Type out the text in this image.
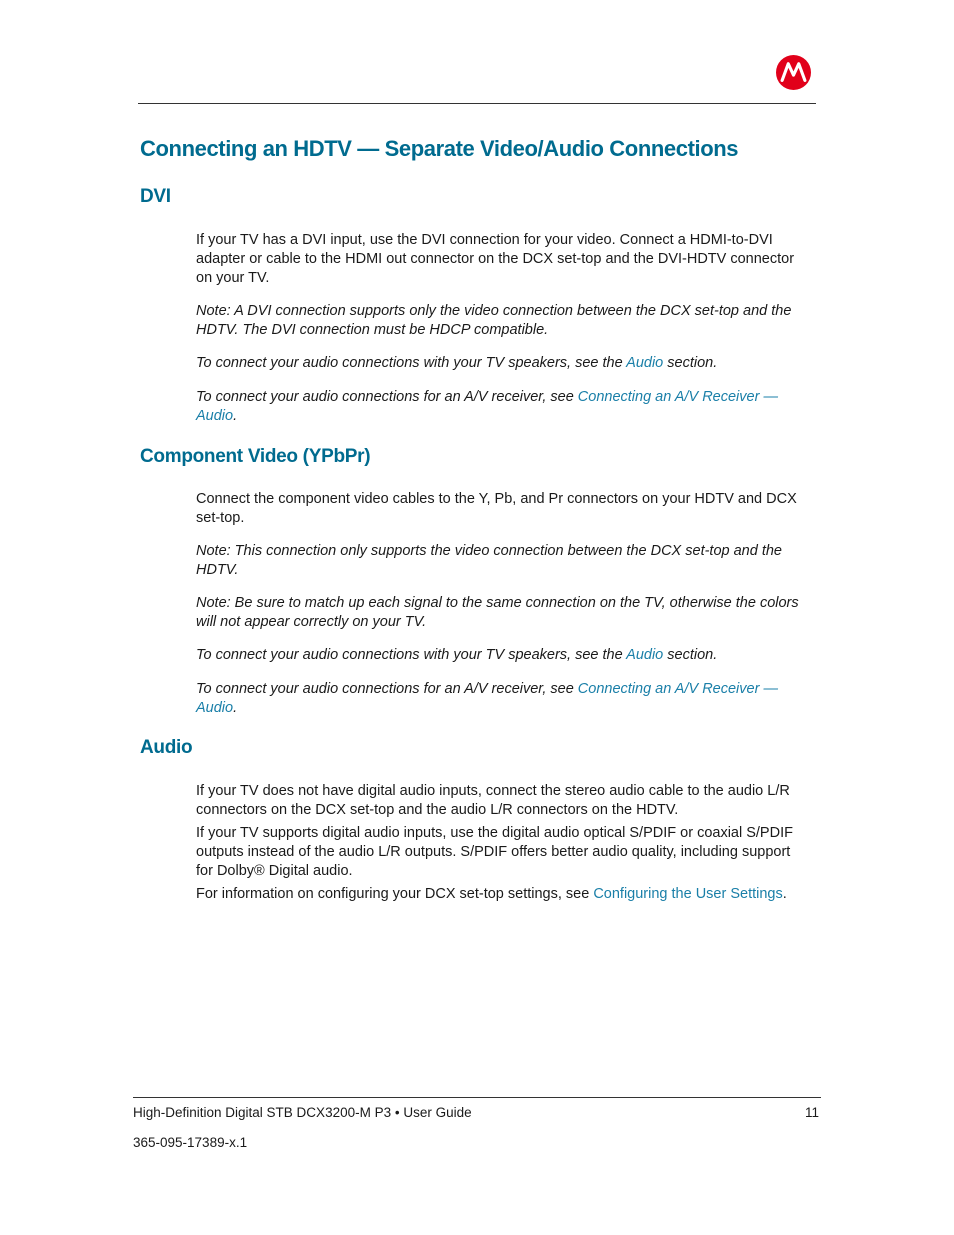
Connecting an HDTV — Separate Video/Audio Connections
DVI

If your TV has a DVI input, use the DVI connection for your video. Connect a HDMI-to-DVI adapter or cable to the HDMI out connector on the DCX set-top and the DVI-HDTV connector on your TV.

Note: A DVI connection supports only the video connection between the DCX set-top and the HDTV. The DVI connection must be HDCP compatible.

To connect your audio connections with your TV speakers, see the Audio section.

To connect your audio connections for an A/V receiver, see Connecting an A/V Receiver — Audio.

Component Video (YPbPr)

Connect the component video cables to the Y, Pb, and Pr connectors on your HDTV and DCX set-top.

Note: This connection only supports the video connection between the DCX set-top and the HDTV.

Note: Be sure to match up each signal to the same connection on the TV, otherwise the colors will not appear correctly on your TV.

To connect your audio connections with your TV speakers, see the Audio section.

To connect your audio connections for an A/V receiver, see Connecting an A/V Receiver — Audio.

Audio

If your TV does not have digital audio inputs, connect the stereo audio cable to the audio L/R connectors on the DCX set-top and the audio L/R connectors on the HDTV.

If your TV supports digital audio inputs, use the digital audio optical S/PDIF or coaxial S/PDIF outputs instead of the audio L/R outputs. S/PDIF offers better audio quality, including support for Dolby® Digital audio.

For information on configuring your DCX set-top settings, see Configuring the User Settings.

High-Definition Digital STB DCX3200-M P3 • User Guide	11

365-095-17389-x.1
